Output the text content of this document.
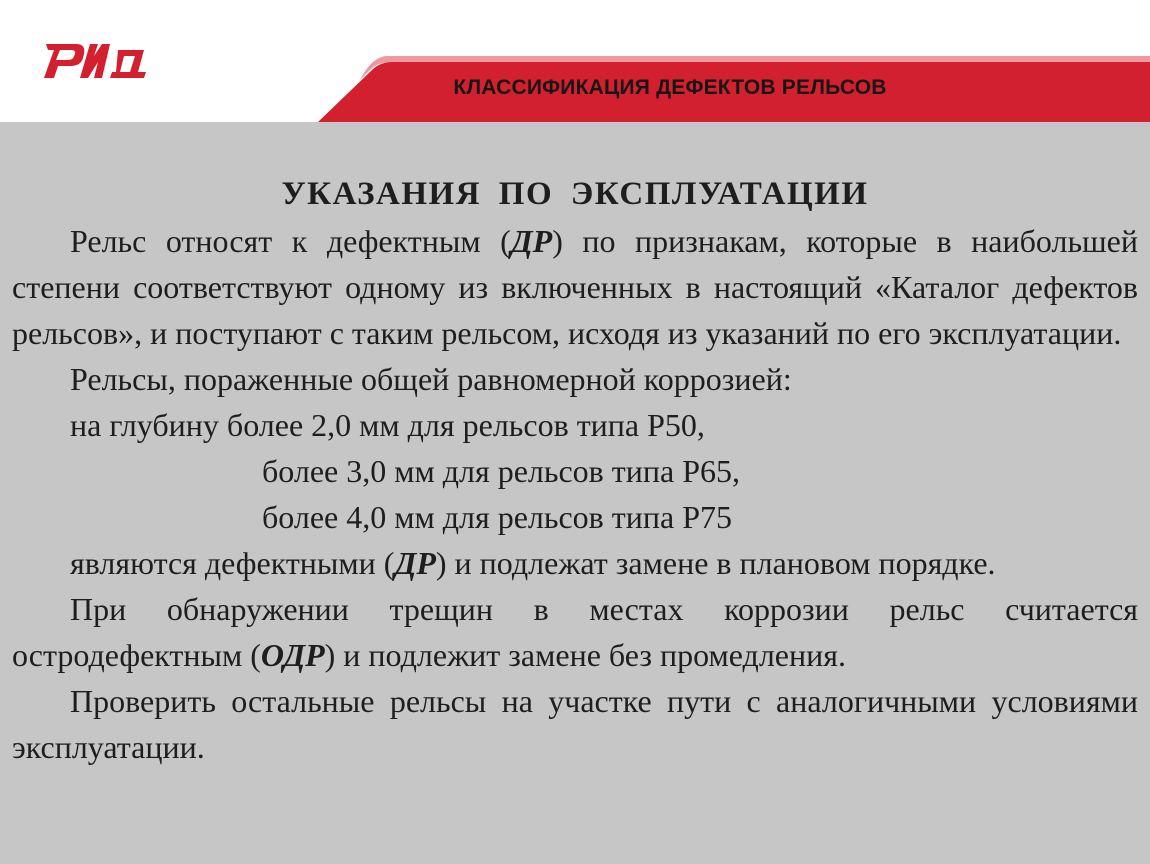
КЛАССИФИКАЦИЯ ДЕФЕКТОВ РЕЛЬСОВ

УКАЗАНИЯ ПО ЭКСПЛУАТАЦИИ

Рельс относят к дефектным (ДР) по признакам, которые в наибольшей степени соответствуют одному из включенных в настоящий «Каталог дефектов рельсов», и поступают с таким рельсом, исходя из указаний по его эксплуатации.

Рельсы, пораженные общей равномерной коррозией:

на глубину более 2,0 мм для рельсов типа Р50,

более 3,0 мм для рельсов типа Р65,

более 4,0 мм для рельсов типа Р75

являются дефектными (ДР) и подлежат замене в плановом порядке.

При обнаружении трещин в местах коррозии рельс считается остродефектным (ОДР) и подлежит замене без промедления.

Проверить остальные рельсы на участке пути с аналогичными условиями эксплуатации.
